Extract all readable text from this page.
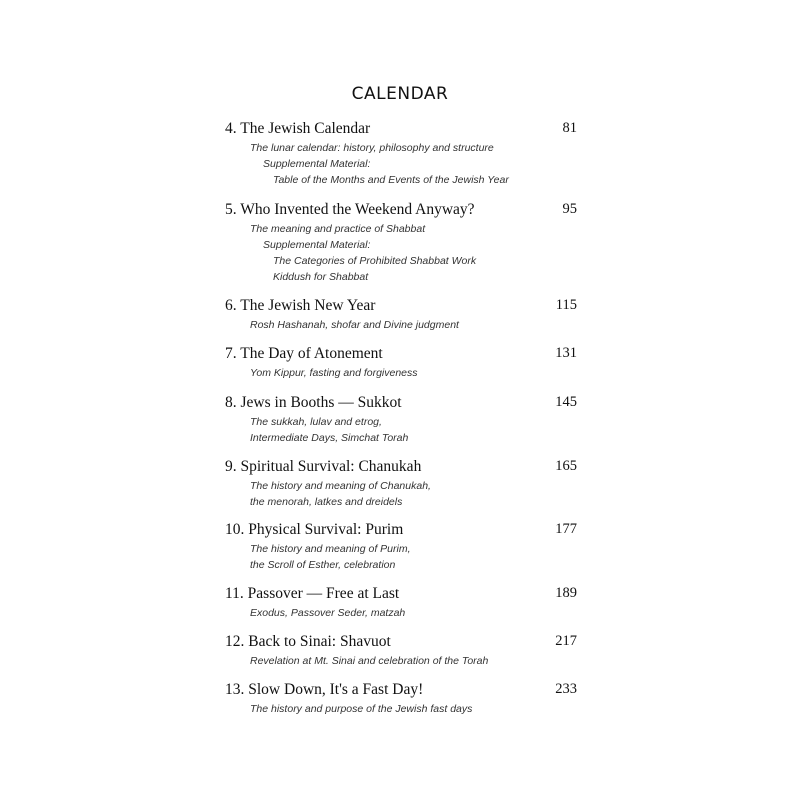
CALENDAR
4. The Jewish Calendar	81
The lunar calendar: history, philosophy and structure
Supplemental Material:
Table of the Months and Events of the Jewish Year
5. Who Invented the Weekend Anyway?	95
The meaning and practice of Shabbat
Supplemental Material:
The Categories of Prohibited Shabbat Work
Kiddush for Shabbat
6. The Jewish New Year	115
Rosh Hashanah, shofar and Divine judgment
7. The Day of Atonement	131
Yom Kippur, fasting and forgiveness
8. Jews in Booths — Sukkot	145
The sukkah, lulav and etrog,
Intermediate Days, Simchat Torah
9. Spiritual Survival: Chanukah	165
The history and meaning of Chanukah,
the menorah, latkes and dreidels
10. Physical Survival: Purim	177
The history and meaning of Purim,
the Scroll of Esther, celebration
11. Passover — Free at Last	189
Exodus, Passover Seder, matzah
12. Back to Sinai: Shavuot	217
Revelation at Mt. Sinai and celebration of the Torah
13. Slow Down, It's a Fast Day!	233
The history and purpose of the Jewish fast days
